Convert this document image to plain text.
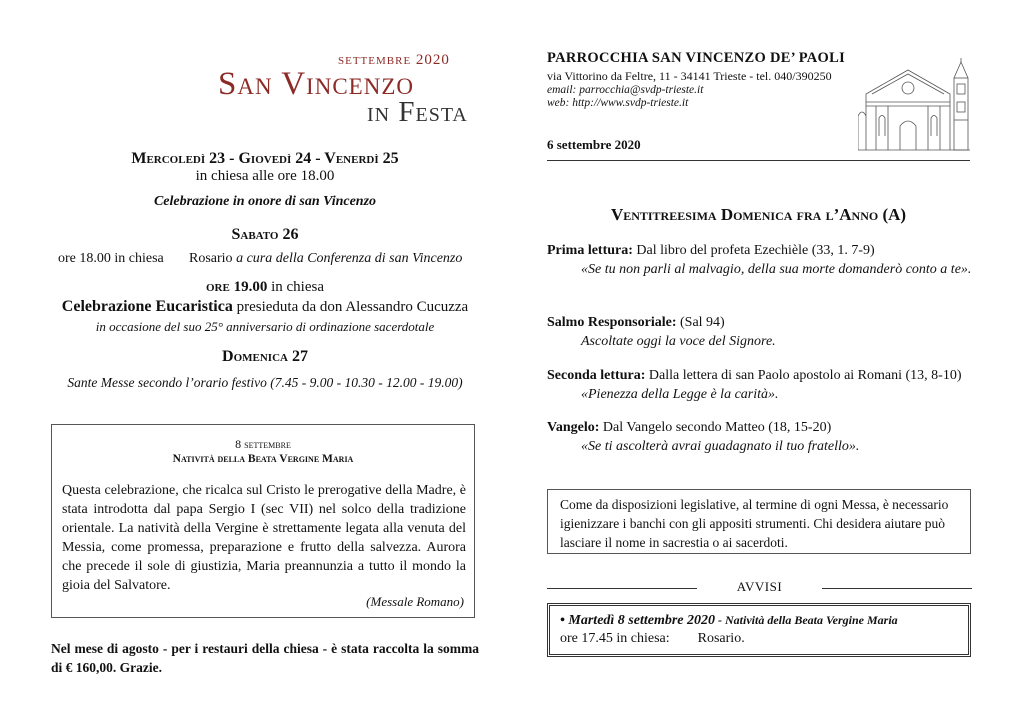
settembre 2020
San Vincenzo
in Festa
Mercoledì 23 - Giovedì 24 - Venerdì 25
in chiesa alle ore 18.00
Celebrazione in onore di san Vincenzo
Sabato 26
ore 18.00 in chiesa Rosario a cura della Conferenza di san Vincenzo
ore 19.00 in chiesa
Celebrazione Eucaristica presieduta da don Alessandro Cucuzza
in occasione del suo 25° anniversario di ordinazione sacerdotale
Domenica 27
Sante Messe secondo l’orario festivo (7.45 - 9.00 - 10.30 - 12.00 - 19.00)
8 settembre
Natività della Beata Vergine Maria
Questa celebrazione, che ricalca sul Cristo le prerogative della Madre, è stata introdotta dal papa Sergio I (sec VII) nel solco della tradizione orientale. La natività della Vergine è strettamente legata alla venuta del Messia, come promessa, preparazione e frutto della salvezza. Aurora che precede il sole di giustizia, Maria preannunzia a tutto il mondo la gioia del Salvatore.
(Messale Romano)
Nel mese di agosto - per i restauri della chiesa - è stata raccolta la somma di € 160,00. Grazie.
PARROCCHIA SAN VINCENZO DE’ PAOLI
via Vittorino da Feltre, 11 - 34141 Trieste - tel. 040/390250
email: parrocchia@svdp-trieste.it
web: http://www.svdp-trieste.it
6 settembre 2020
Ventitreesima Domenica fra l’Anno (A)
Prima lettura: Dal libro del profeta Ezechièle (33, 1. 7-9)
«Se tu non parli al malvagio, della sua morte domanderò conto a te».
Salmo Responsoriale: (Sal 94)
Ascoltate oggi la voce del Signore.
Seconda lettura: Dalla lettera di san Paolo apostolo ai Romani (13, 8-10)
«Pienezza della Legge è la carità».
Vangelo: Dal Vangelo secondo Matteo (18, 15-20)
«Se ti ascolterà avrai guadagnato il tuo fratello».
Come da disposizioni legislative, al termine di ogni Messa, è necessario igienizzare i banchi con gli appositi strumenti. Chi desidera aiutare può lasciare il nome in sacrestia o ai sacerdoti.
AVVISI
• Martedì 8 settembre 2020 - Natività della Beata Vergine Maria
ore 17.45 in chiesa: Rosario.
